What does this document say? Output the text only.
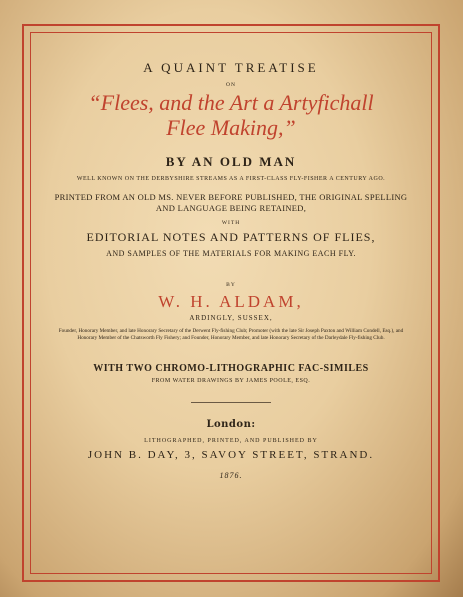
A QUAINT TREATISE

ON

“Flees, and the Art a Artyfichall
Flee Making,”

BY AN OLD MAN

WELL KNOWN ON THE DERBYSHIRE STREAMS AS A FIRST-CLASS FLY-FISHER A CENTURY AGO.

PRINTED FROM AN OLD MS. NEVER BEFORE PUBLISHED, THE ORIGINAL SPELLING AND LANGUAGE BEING RETAINED,

WITH

EDITORIAL NOTES AND PATTERNS OF FLIES,

AND SAMPLES OF THE MATERIALS FOR MAKING EACH FLY.

BY

W. H. ALDAM,

ARDINGLY, SUSSEX,

Founder, Honorary Member, and late Honorary Secretary of the Derwent Fly-fishing Club; Promoter (with the late Sir Joseph Paxton and William Condell, Esq.), and Honorary Member of the Chatsworth Fly Fishery; and Founder, Honorary Member, and late Honorary Secretary of the Darleydale Fly-fishing Club.

WITH TWO CHROMO-LITHOGRAPHIC FAC-SIMILES

FROM WATER DRAWINGS BY JAMES POOLE, ESQ.

London:

LITHOGRAPHED, PRINTED, AND PUBLISHED BY

JOHN B. DAY, 3, SAVOY STREET, STRAND.

1876.
